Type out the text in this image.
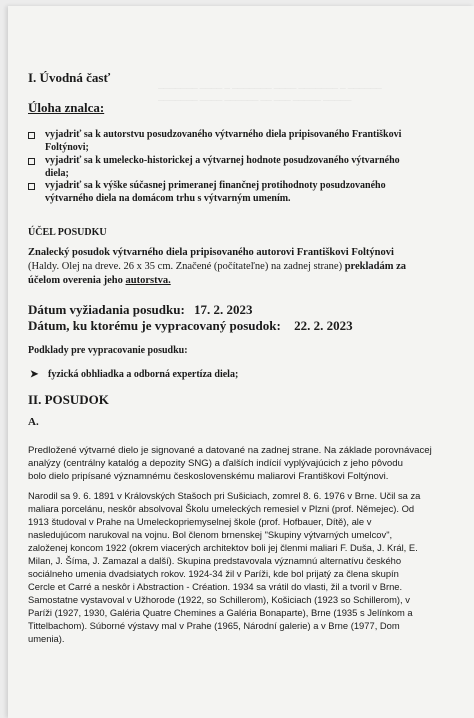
─────── ──── ─ ─────── ──── ─────── ─ ──────
─────── ──── ────── ── ─── ───── ─────
I. Úvodná časť
Úloha znalca:
vyjadriť sa k autorstvu posudzovaného výtvarného diela pripisovaného Františkovi
Foltýnovi;
vyjadriť sa k umelecko-historickej a výtvarnej hodnote posudzovaného výtvarného
diela;
vyjadriť sa k výške súčasnej primeranej finančnej protihodnoty posudzovaného
výtvarného diela na domácom trhu s výtvarným umením.
ÚČEL POSUDKU
Znalecký posudok výtvarného diela pripisovaného autorovi Františkovi Foltýnovi
(Haldy. Olej na dreve. 26 x 35 cm. Značené (počítateľne) na zadnej strane) prekladám za
účelom overenia jeho autorstva.
Dátum vyžiadania posudku: 17. 2. 2023
Dátum, ku ktorému je vypracovaný posudok: 22. 2. 2023
Podklady pre vypracovanie posudku:
➤ fyzická obhliadka a odborná expertíza diela;
II. POSUDOK
A.
Predložené výtvarné dielo je signované a datované na zadnej strane. Na základe porovnávacej
analýzy (centrálny katalóg a depozity SNG) a ďalších indícií vyplývajúcich z jeho pôvodu
bolo dielo pripísané významnému československému maliarovi Františkovi Foltýnovi.
Narodil sa 9. 6. 1891 v Královských Stašoch pri Sušiciach, zomrel 8. 6. 1976 v Brne. Učil sa za
maliara porcelánu, neskôr absolvoval Školu umeleckých remesiel v Plzni (prof. Němejec). Od
1913 študoval v Prahe na Umeleckopriemyselnej škole (prof. Hofbauer, Dítě), ale v
nasledujúcom narukoval na vojnu. Bol členom brnenskej "Skupiny výtvarných umelcov",
založenej koncom 1922 (okrem viacerých architektov boli jej členmi maliari F. Duša, J. Král, E.
Milan, J. Šíma, J. Zamazal a další). Skupina predstavovala významnú alternatívu českého
sociálneho umenia dvadsiatych rokov. 1924-34 žil v Paríži, kde bol prijatý za člena skupín
Cercle et Carré a neskôr i Abstraction - Création. 1934 sa vrátil do vlasti, žil a tvoril v Brne.
Samostatne vystavoval v Užhorode (1922, so Schillerom), Košiciach (1923 so Schillerom), v
Paríži (1927, 1930, Galéria Quatre Chemines a Galéria Bonaparte), Brne (1935 s Jelínkom a
Tittelbachom). Súborné výstavy mal v Prahe (1965, Národní galerie) a v Brne (1977, Dom
umenia).
